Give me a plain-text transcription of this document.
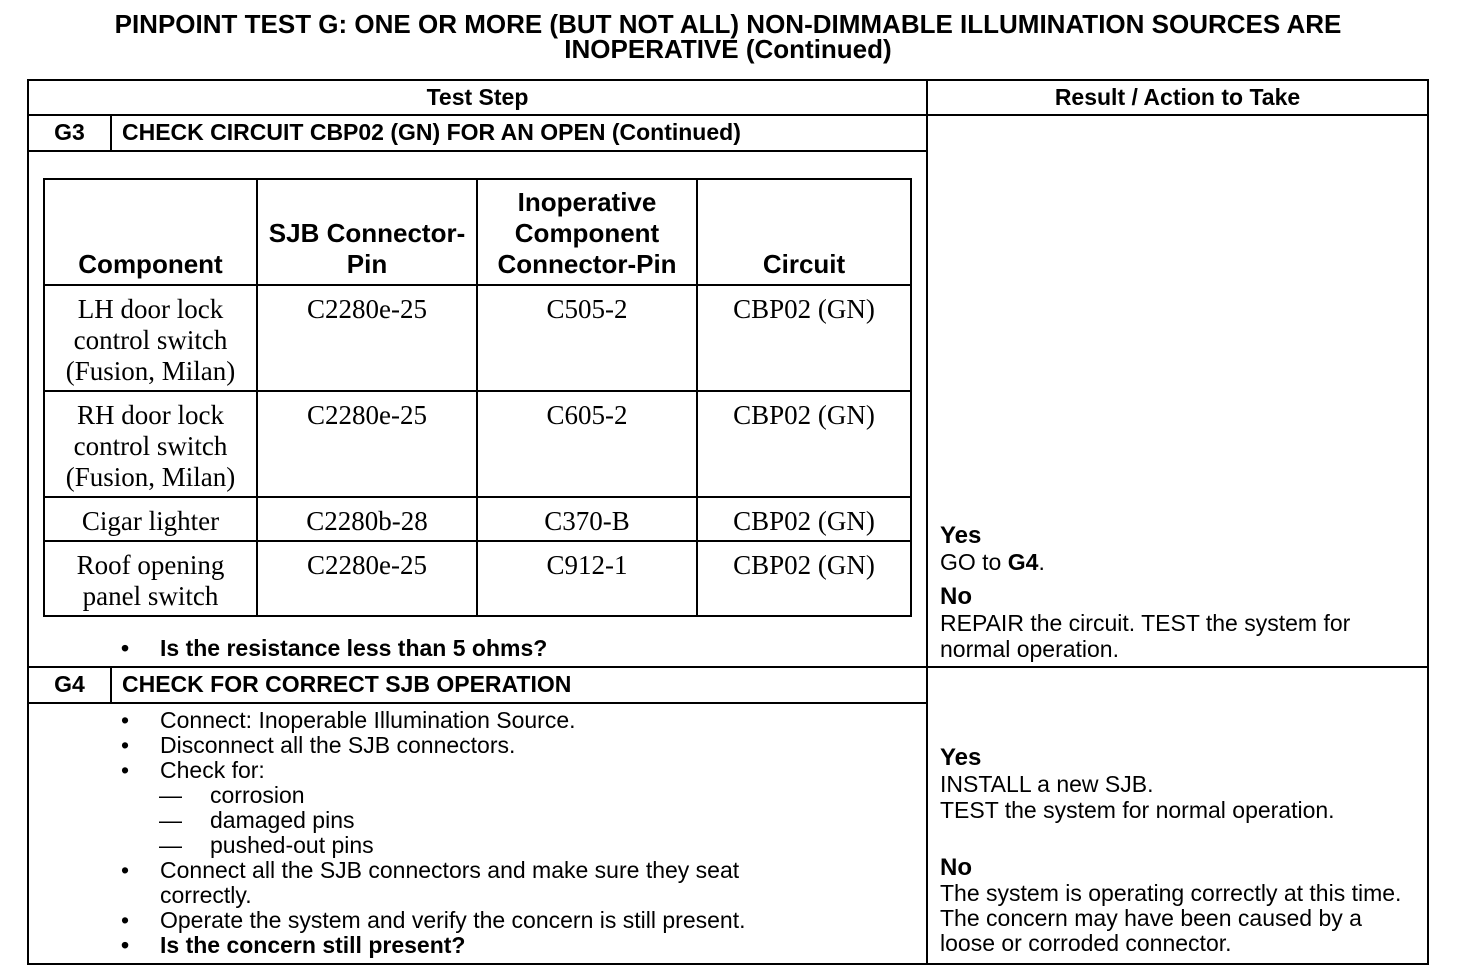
PINPOINT TEST G: ONE OR MORE (BUT NOT ALL) NON-DIMMABLE ILLUMINATION SOURCES ARE INOPERATIVE (Continued)
Test Step	Result / Action to Take
G3	CHECK CIRCUIT CBP02 (GN) FOR AN OPEN (Continued)
Component	SJB Connector-Pin	Inoperative Component Connector-Pin	Circuit
LH door lock control switch (Fusion, Milan)	C2280e-25	C505-2	CBP02 (GN)
RH door lock control switch (Fusion, Milan)	C2280e-25	C605-2	CBP02 (GN)
Cigar lighter	C2280b-28	C370-B	CBP02 (GN)
Roof opening panel switch	C2280e-25	C912-1	CBP02 (GN)
• Is the resistance less than 5 ohms?
Yes
GO to G4.
No
REPAIR the circuit. TEST the system for normal operation.
G4	CHECK FOR CORRECT SJB OPERATION
• Connect: Inoperable Illumination Source.
• Disconnect all the SJB connectors.
• Check for:
—	corrosion
—	damaged pins
—	pushed-out pins
• Connect all the SJB connectors and make sure they seat correctly.
• Operate the system and verify the concern is still present.
• Is the concern still present?
Yes
INSTALL a new SJB.
TEST the system for normal operation.
No
The system is operating correctly at this time. The concern may have been caused by a loose or corroded connector.
